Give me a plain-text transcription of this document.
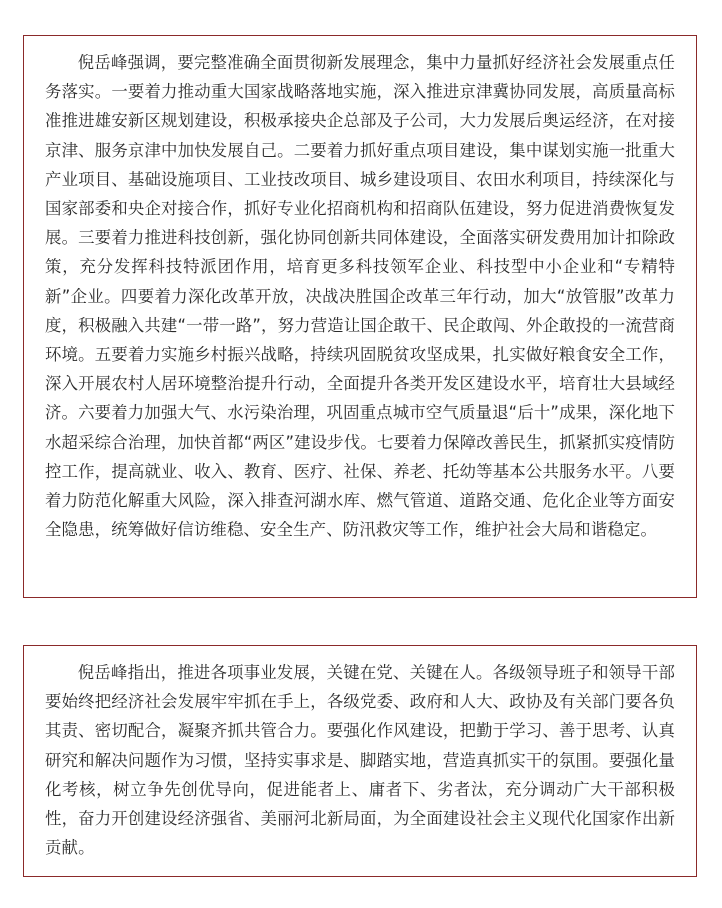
倪岳峰强调，要完整准确全面贯彻新发展理念，集中力量抓好经济社会发展重点任务落实。一要着力推动重大国家战略落地实施，深入推进京津冀协同发展，高质量高标准推进雄安新区规划建设，积极承接央企总部及子公司，大力发展后奥运经济，在对接京津、服务京津中加快发展自己。二要着力抓好重点项目建设，集中谋划实施一批重大产业项目、基础设施项目、工业技改项目、城乡建设项目、农田水利项目，持续深化与国家部委和央企对接合作，抓好专业化招商机构和招商队伍建设，努力促进消费恢复发展。三要着力推进科技创新，强化协同创新共同体建设，全面落实研发费用加计扣除政策，充分发挥科技特派团作用，培育更多科技领军企业、科技型中小企业和“专精特新”企业。四要着力深化改革开放，决战决胜国企改革三年行动，加大“放管服”改革力度，积极融入共建“一带一路”，努力营造让国企敢干、民企敢闯、外企敢投的一流营商环境。五要着力实施乡村振兴战略，持续巩固脱贫攻坚成果，扎实做好粮食安全工作，深入开展农村人居环境整治提升行动，全面提升各类开发区建设水平，培育壮大县域经济。六要着力加强大气、水污染治理，巩固重点城市空气质量退“后十”成果，深化地下水超采综合治理，加快首都“两区”建设步伐。七要着力保障改善民生，抓紧抓实疫情防控工作，提高就业、收入、教育、医疗、社保、养老、托幼等基本公共服务水平。八要着力防范化解重大风险，深入排查河湖水库、燃气管道、道路交通、危化企业等方面安全隐患，统筹做好信访维稳、安全生产、防汛救灾等工作，维护社会大局和谐稳定。

倪岳峰指出，推进各项事业发展，关键在党、关键在人。各级领导班子和领导干部要始终把经济社会发展牢牢抓在手上，各级党委、政府和人大、政协及有关部门要各负其责、密切配合，凝聚齐抓共管合力。要强化作风建设，把勤于学习、善于思考、认真研究和解决问题作为习惯，坚持实事求是、脚踏实地，营造真抓实干的氛围。要强化量化考核，树立争先创优导向，促进能者上、庸者下、劣者汰，充分调动广大干部积极性，奋力开创建设经济强省、美丽河北新局面，为全面建设社会主义现代化国家作出新贡献。
